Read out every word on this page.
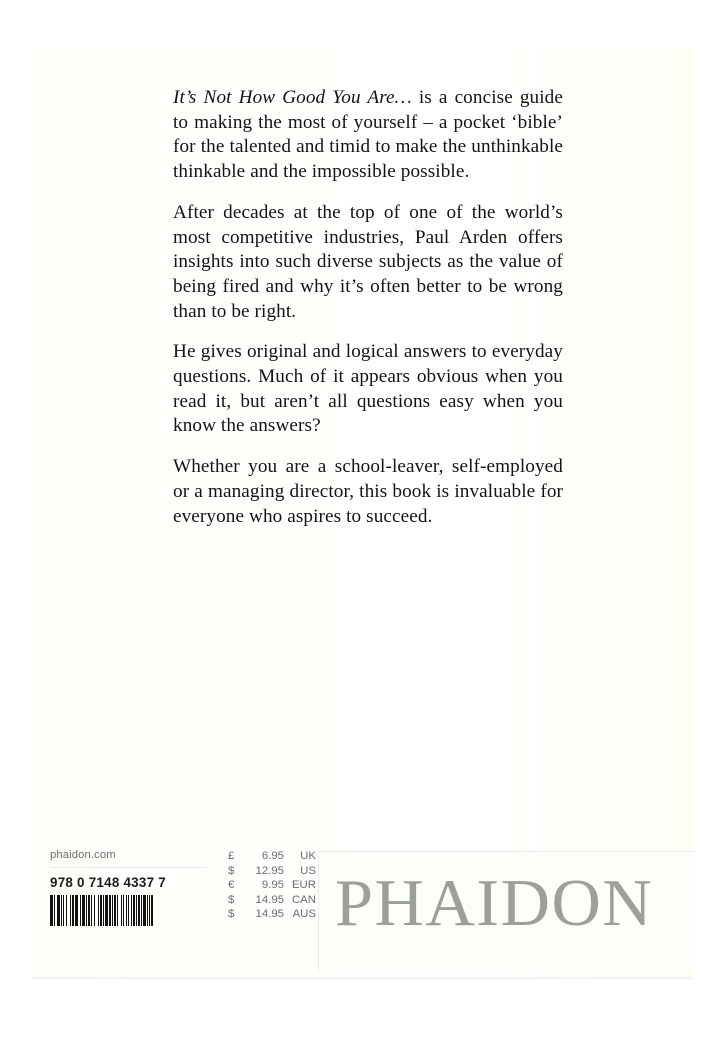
It’s Not How Good You Are… is a concise guide to making the most of yourself – a pocket ‘bible’ for the talented and timid to make the unthinkable thinkable and the impossible possible.

After decades at the top of one of the world’s most competitive industries, Paul Arden offers insights into such diverse subjects as the value of being fired and why it’s often better to be wrong than to be right.

He gives original and logical answers to everyday questions. Much of it appears obvious when you read it, but aren’t all questions easy when you know the answers?

Whether you are a school-leaver, self-employed or a managing director, this book is invaluable for everyone who aspires to succeed.

phaidon.com
978 0 7148 4337 7
£	6.95	UK
$	12.95	US
€	9.95	EUR
$	14.95	CAN
$	14.95	AUS PHAIDON
